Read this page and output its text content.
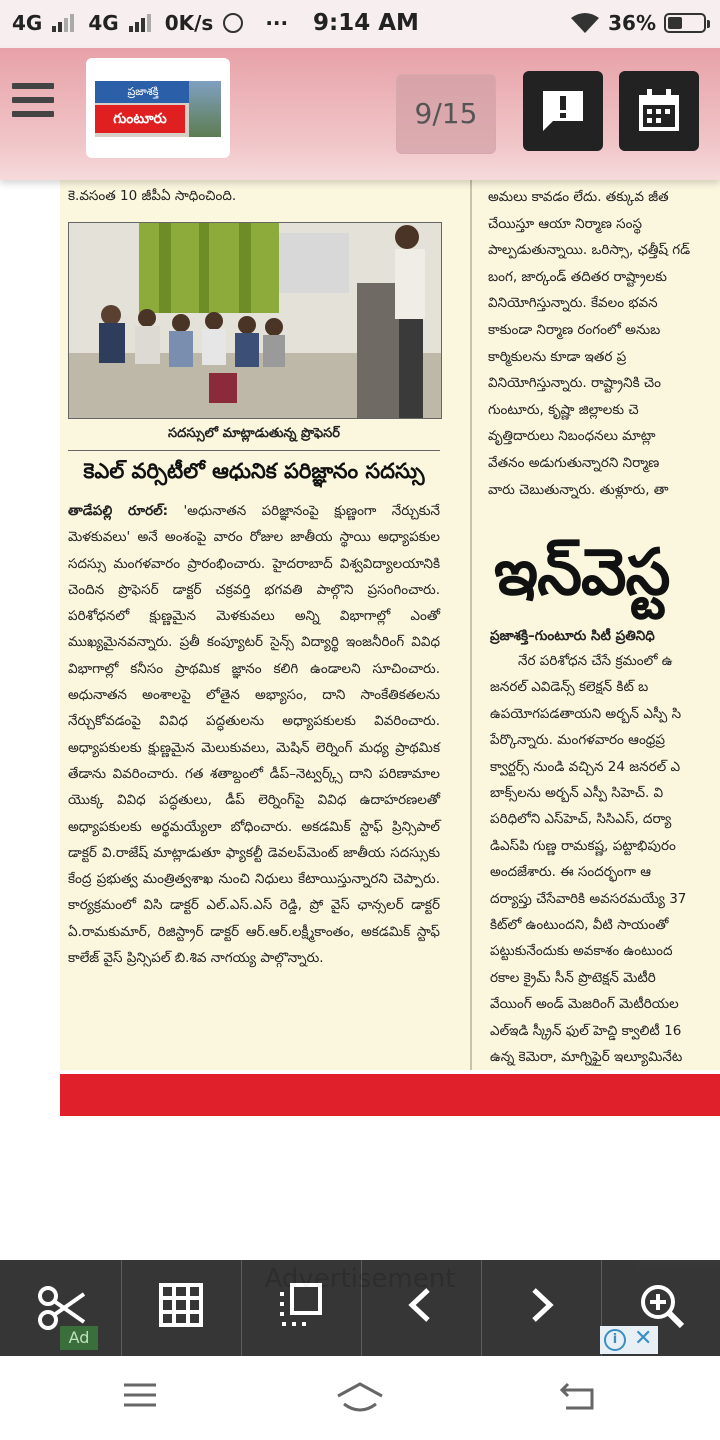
4G 4G 0K/s	··· 9:14 AM	36%
ప్రజాశక్తి
గుంటూరు	9/15
కె.వసంత 10 జీపీఏ సాధించింది.
సదస్సులో మాట్లాడుతున్న ప్రొఫెసర్
కెఎల్ వర్సిటీలో ఆధునిక పరిజ్ఞానం సదస్సు
తాడేపల్లి రూరల్: 'అధునాతన పరిజ్ఞానంపై క్షుణ్ణంగా నేర్చుకునే మెళకువలు' అనే అంశంపై వారం రోజుల జాతీయ స్థాయి అధ్యాపకుల సదస్సు మంగళవారం ప్రారంభించారు. హైదరాబాద్ విశ్వవిద్యాలయానికి చెందిన ప్రొఫెసర్ డాక్టర్ చక్రవర్తి భగవతి పాల్గొని ప్రసంగించారు. పరిశోధనలో క్షుణ్ణమైన మెళకువలు అన్ని విభాగాల్లో ఎంతో ముఖ్యమైనవన్నారు. ప్రతీ కంప్యూటర్ సైన్స్ విద్యార్థి ఇంజనీరింగ్ వివిధ విభాగాల్లో కనీసం ప్రాథమిక జ్ఞానం కలిగి ఉండాలని సూచించారు. అధునాతన అంశాలపై లోతైన అభ్యాసం, దాని సాంకేతికతలను నేర్చుకోవడంపై వివిధ పద్ధతులను అధ్యాపకులకు వివరించారు. అధ్యాపకులకు క్షుణ్ణమైన మెలుకువలు, మెషిన్ లెర్నింగ్ మధ్య ప్రాథమిక తేడాను వివరించారు. గత శతాబ్దంలో డీప్–నెట్వర్క్స్ దాని పరిణామాల యొక్క వివిధ పద్ధతులు, డీప్ లెర్నింగ్‌పై వివిధ ఉదాహరణలతో అధ్యాపకులకు అర్థమయ్యేలా బోధించారు. అకడమిక్ స్టాఫ్ ప్రిన్సిపాల్ డాక్టర్ వి.రాజేష్ మాట్లాడుతూ ఫ్యాకల్టీ డెవలప్‌మెంట్ జాతీయ సదస్సుకు కేంద్ర ప్రభుత్వ మంత్రిత్వశాఖ నుంచి నిధులు కేటాయిస్తున్నారని చెప్పారు. కార్యక్రమంలో విసి డాక్టర్ ఎల్.ఎస్.ఎస్ రెడ్డి, ప్రో వైస్ ఛాన్సలర్ డాక్టర్ ఏ.రామకుమార్, రిజిస్ట్రార్ డాక్టర్ ఆర్.ఆర్.లక్ష్మీకాంతం, అకడమిక్ స్టాఫ్ కాలేజ్ వైస్ ప్రిన్సిపల్ బి.శివ నాగయ్య పాల్గొన్నారు.

అమలు కావడం లేదు. తక్కువ జీత

చేయిస్తూ ఆయా నిర్మాణ సంస్థ

పాల్పడుతున్నాయి. ఒరిస్సా, ఛత్తీష్ గడ్

బంగ, జార్కండ్ తదితర రాష్ట్రాలకు

వినియోగిస్తున్నారు. కేవలం భవన

కాకుండా నిర్మాణ రంగంలో అనుబ

కార్మికులను కూడా ఇతర ప్ర

వినియోగిస్తున్నారు. రాష్ట్రానికి చెం

గుంటూరు, కృష్ణా జిల్లాలకు చె

వృత్తిదారులు నిబంధనలు మాట్లా

వేతనం అడుగుతున్నారని నిర్మాణ

వారు చెబుతున్నారు. తుళ్లూరు, తా

నేర పరిశోధన చేసే క్రమంలో ఉ

జనరల్ ఎవిడెన్స్ కలెక్షన్ కిట్ బ

ఉపయోగపడతాయని అర్బన్ ఎస్పీ సి

పేర్కొన్నారు. మంగళవారం ఆంధ్రప్ర

క్వార్టర్స్ నుండి వచ్చిన 24 జనరల్ ఎ

బాక్స్‌లను అర్బన్ ఎస్పీ సిహెచ్. వి

పరిధిలోని ఎస్‌హెచ్, సిసిఎస్, దర్యా

డిఎస్‌పి గుణ్ణ రామకష్ణ, పట్టాభిపురం

అందజేశారు. ఈ సందర్భంగా ఆ

దర్యాప్తు చేసేవారికి అవసరమయ్యే 37

కిట్‌లో ఉంటుందని, వీటి సాయంతో

పట్టుకునేందుకు అవకాశం ఉంటుంద

రకాల క్రైమ్ సీన్ ప్రొటెక్షన్ మెటీరి

వేయింగ్ అండ్ మెజరింగ్ మెటీరియల

ఎల్ఇడి స్క్రీన్ ఫుల్ హెచ్డి క్వాలిటీ 16

ఉన్న కెమెరా, మాగ్నిఫైర్ ఇల్యూమినేట

ఇన్‌వెస్ట
ప్రజాశక్తి–గుంటూరు సిటీ ప్రతినిధి
Ad	i ✕
